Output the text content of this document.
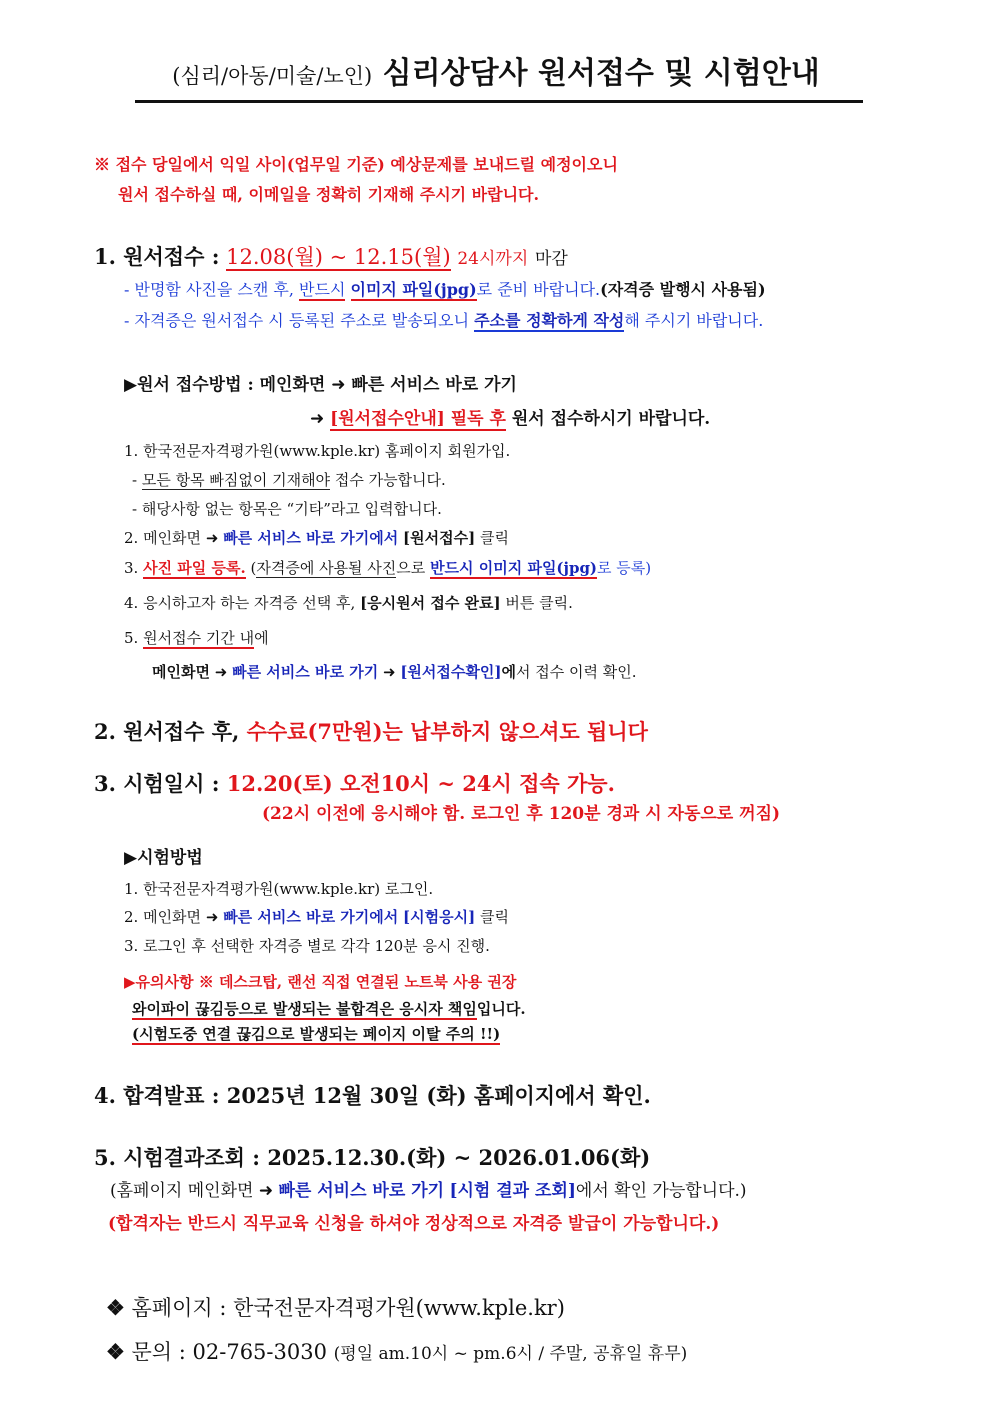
(심리/아동/미술/노인) 심리상담사 원서접수 및 시험안내
※ 접수 당일에서 익일 사이(업무일 기준) 예상문제를 보내드릴 예정이오니
원서 접수하실 때, 이메일을 정확히 기재해 주시기 바랍니다.
1. 원서접수 : 12.08(월) ~ 12.15(월) 24시까지 마감
- 반명함 사진을 스캔 후, 반드시 이미지 파일(jpg)로 준비 바랍니다.(자격증 발행시 사용됨)
- 자격증은 원서접수 시 등록된 주소로 발송되오니 주소를 정확하게 작성해 주시기 바랍니다.
▶원서 접수방법 : 메인화면 ➜ 빠른 서비스 바로 가기
➜ [원서접수안내] 필독 후 원서 접수하시기 바랍니다.
1. 한국전문자격평가원(www.kple.kr) 홈페이지 회원가입.
- 모든 항목 빠짐없이 기재해야 접수 가능합니다.
- 해당사항 없는 항목은 “기타”라고 입력합니다.
2. 메인화면 ➜ 빠른 서비스 바로 가기에서 [원서접수] 클릭
3. 사진 파일 등록. (자격증에 사용될 사진으로 반드시 이미지 파일(jpg)로 등록)
4. 응시하고자 하는 자격증 선택 후, [응시원서 접수 완료] 버튼 클릭.
5. 원서접수 기간 내에
메인화면 ➜ 빠른 서비스 바로 가기 ➜ [원서접수확인]에서 접수 이력 확인.
2. 원서접수 후, 수수료(7만원)는 납부하지 않으셔도 됩니다
3. 시험일시 : 12.20(토) 오전10시 ~ 24시 접속 가능.
(22시 이전에 응시해야 함. 로그인 후 120분 경과 시 자동으로 꺼짐)
▶시험방법
1. 한국전문자격평가원(www.kple.kr) 로그인.
2. 메인화면 ➜ 빠른 서비스 바로 가기에서 [시험응시] 클릭
3. 로그인 후 선택한 자격증 별로 각각 120분 응시 진행.
▶유의사항 ※ 데스크탑, 랜선 직접 연결된 노트북 사용 권장
와이파이 끊김등으로 발생되는 불합격은 응시자 책임입니다.
(시험도중 연결 끊김으로 발생되는 페이지 이탈 주의 !!)
4. 합격발표 : 2025년 12월 30일 (화) 홈페이지에서 확인.
5. 시험결과조회 : 2025.12.30.(화) ~ 2026.01.06(화)
(홈페이지 메인화면 ➜ 빠른 서비스 바로 가기 [시험 결과 조회]에서 확인 가능합니다.)
(합격자는 반드시 직무교육 신청을 하셔야 정상적으로 자격증 발급이 가능합니다.)
❖ 홈페이지 : 한국전문자격평가원(www.kple.kr)
❖ 문의 : 02-765-3030 (평일 am.10시 ~ pm.6시 / 주말, 공휴일 휴무)
